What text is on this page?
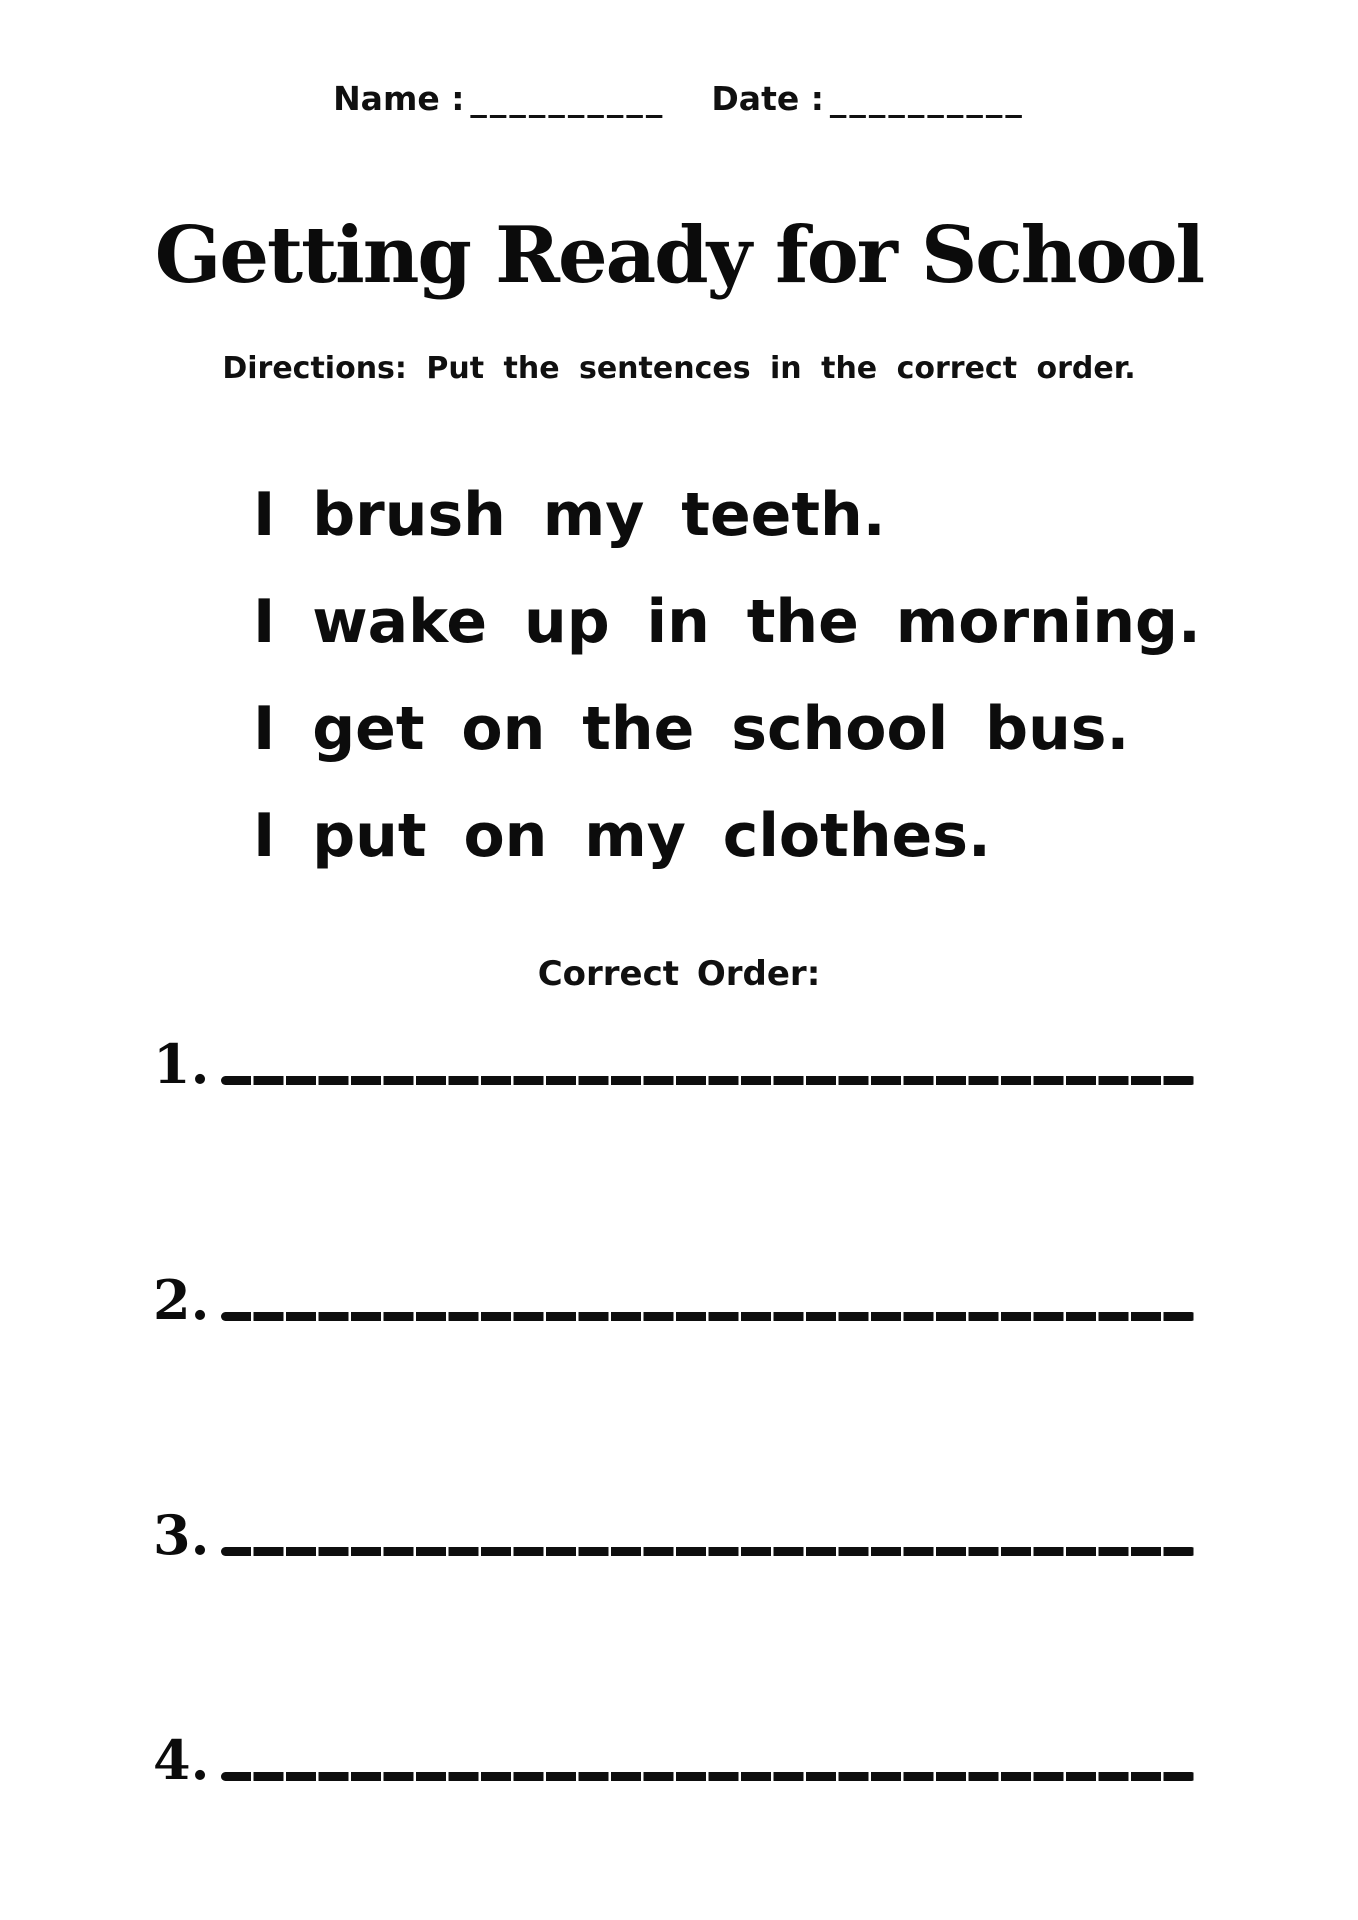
Name : __________ Date : __________
Getting Ready for School
Directions: Put the sentences in the correct order.
I brush my teeth.
I wake up in the morning.
I get on the school bus.
I put on my clothes.
Correct Order:
1.
2.
3.
4.
